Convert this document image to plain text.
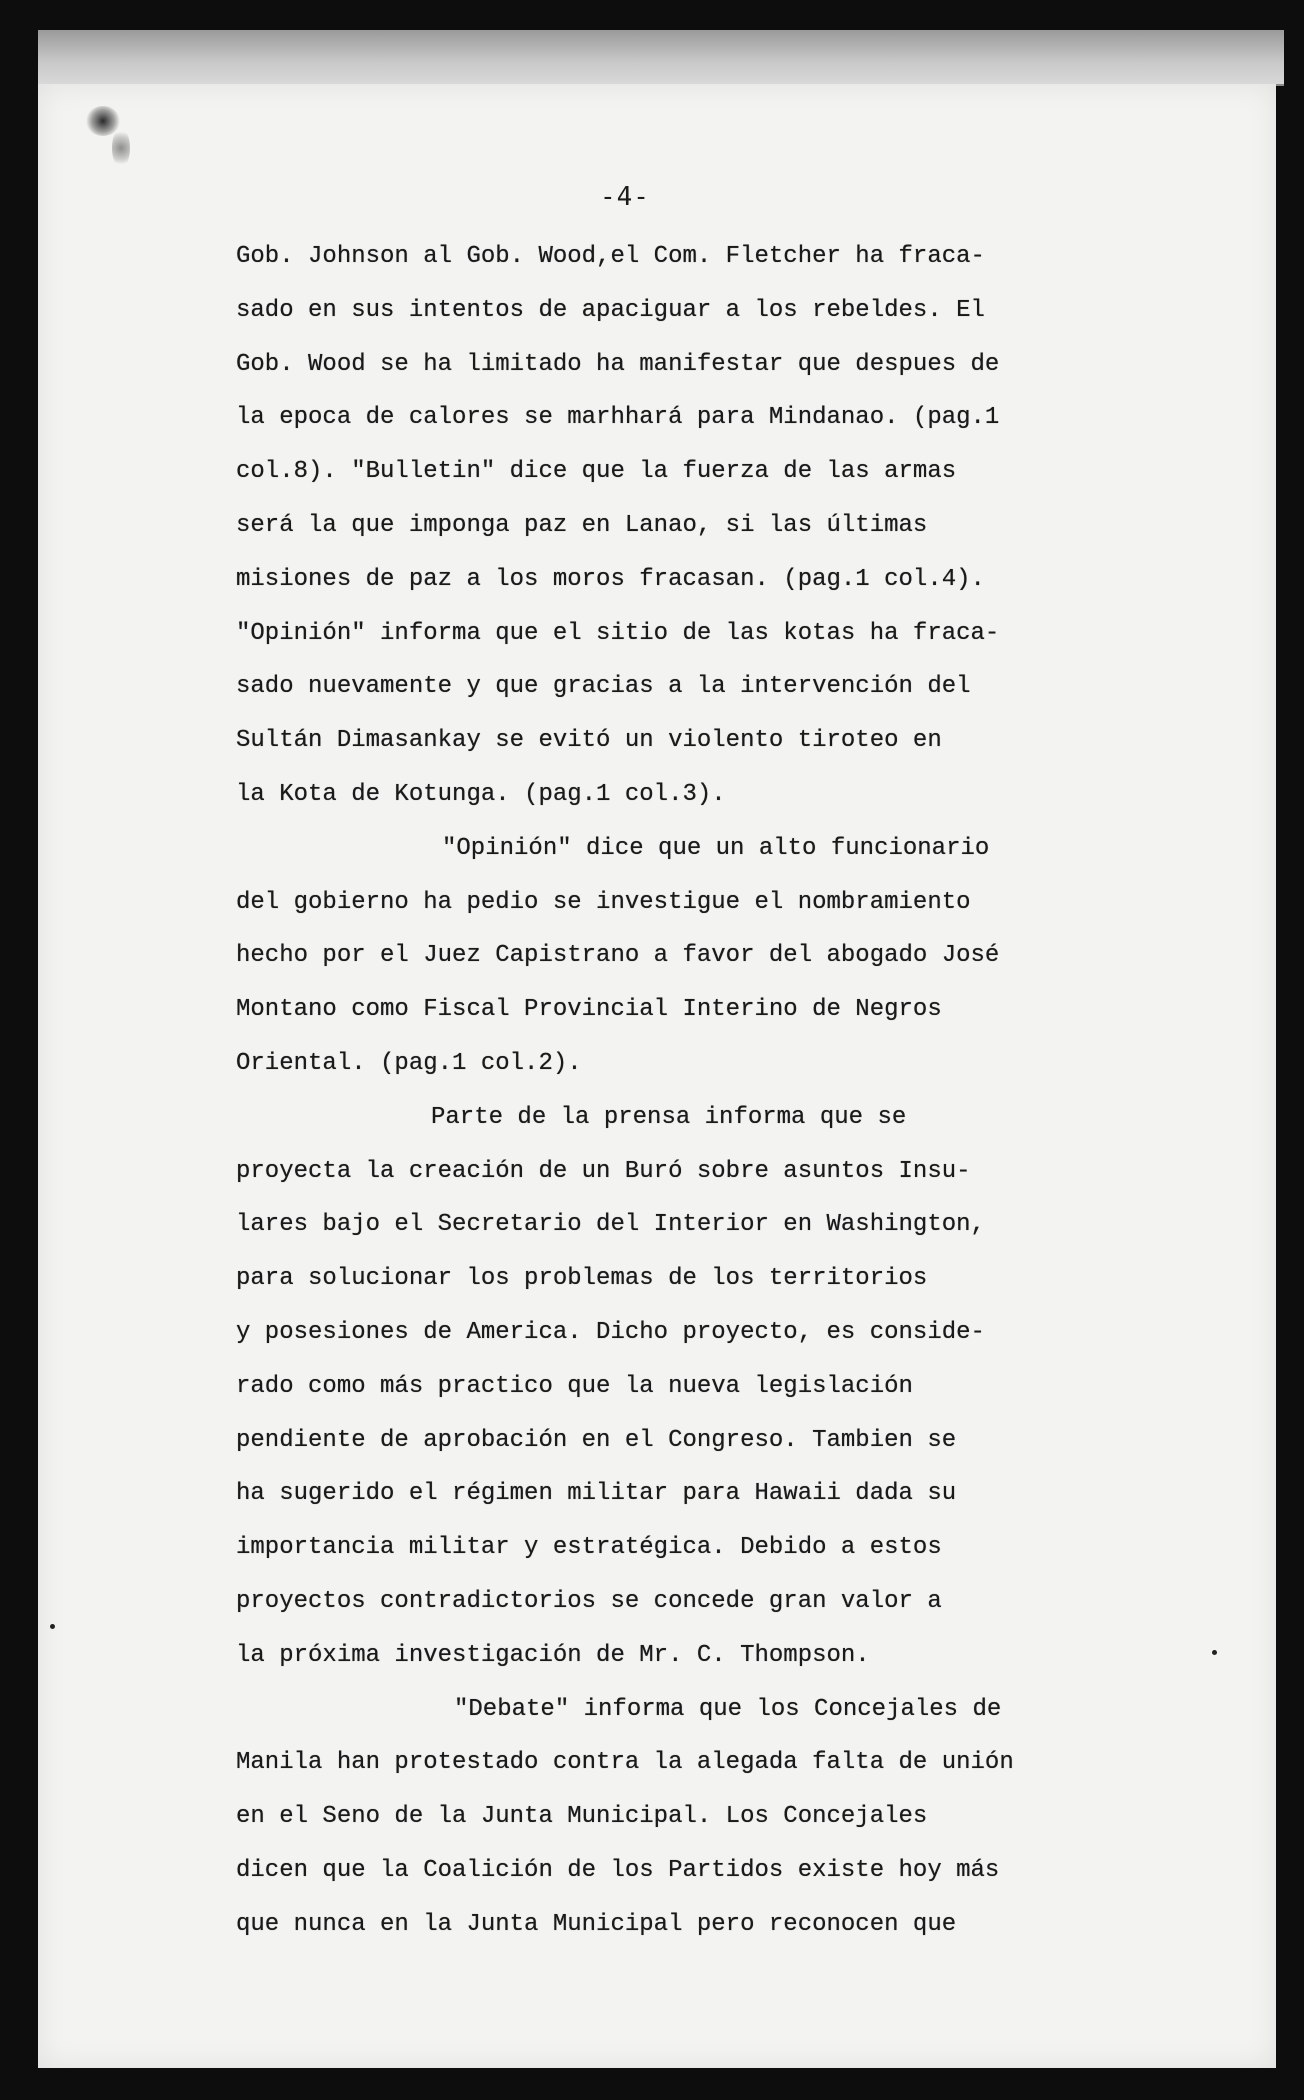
-4-
Gob. Johnson al Gob. Wood,el Com. Fletcher ha fraca-
sado en sus intentos de apaciguar a los rebeldes. El
Gob. Wood se ha limitado ha manifestar que despues de
la epoca de calores se marhhará para Mindanao. (pag.1
col.8). "Bulletin" dice que la fuerza de las armas
será la que imponga paz en Lanao, si las últimas
misiones de paz a los moros fracasan. (pag.1 col.4).
"Opinión" informa que el sitio de las kotas ha fraca-
sado nuevamente y que gracias a la intervención del
Sultán Dimasankay se evitó un violento tiroteo en
la Kota de Kotunga. (pag.1 col.3).
"Opinión" dice que un alto funcionario
del gobierno ha pedio se investigue el nombramiento
hecho por el Juez Capistrano a favor del abogado José
Montano como Fiscal Provincial Interino de Negros
Oriental. (pag.1 col.2).
Parte de la prensa informa que se
proyecta la creación de un Buró sobre asuntos Insu-
lares bajo el Secretario del Interior en Washington,
para solucionar los problemas de los territorios
y posesiones de America. Dicho proyecto, es conside-
rado como más practico que la nueva legislación
pendiente de aprobación en el Congreso. Tambien se
ha sugerido el régimen militar para Hawaii dada su
importancia militar y estratégica. Debido a estos
proyectos contradictorios se concede gran valor a
la próxima investigación de Mr. C. Thompson.
"Debate" informa que los Concejales de
Manila han protestado contra la alegada falta de unión
en el Seno de la Junta Municipal. Los Concejales
dicen que la Coalición de los Partidos existe hoy más
que nunca en la Junta Municipal pero reconocen que
